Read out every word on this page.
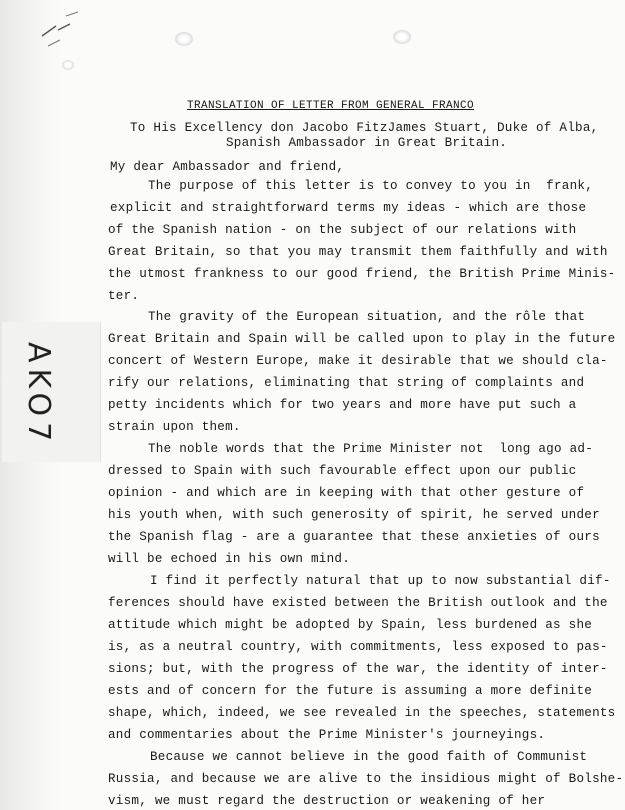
AKO7
TRANSLATION OF LETTER FROM GENERAL FRANCO
To His Excellency don Jacobo FitzJames Stuart, Duke of Alba,
Spanish Ambassador in Great Britain.
My dear Ambassador and friend,
The purpose of this letter is to convey to you in  frank,
explicit and straightforward terms my ideas - which are those
of the Spanish nation - on the subject of our relations with
Great Britain, so that you may transmit them faithfully and with
the utmost frankness to our good friend, the British Prime Minis-
ter.
The gravity of the European situation, and the rôle that
Great Britain and Spain will be called upon to play in the future
concert of Western Europe, make it desirable that we should cla-
rify our relations, eliminating that string of complaints and
petty incidents which for two years and more have put such a
strain upon them.
The noble words that the Prime Minister not  long ago ad-
dressed to Spain with such favourable effect upon our public
opinion - and which are in keeping with that other gesture of
his youth when, with such generosity of spirit, he served under
the Spanish flag - are a guarantee that these anxieties of ours
will be echoed in his own mind.
I find it perfectly natural that up to now substantial dif-
ferences should have existed between the British outlook and the
attitude which might be adopted by Spain, less burdened as she
is, as a neutral country, with commitments, less exposed to pas-
sions; but, with the progress of the war, the identity of inter-
ests and of concern for the future is assuming a more definite
shape, which, indeed, we see revealed in the speeches, statements
and commentaries about the Prime Minister's journeyings.
Because we cannot believe in the good faith of Communist
Russia, and because we are alive to the insidious might of Bolshe-
vism, we must regard the destruction or weakening of her
